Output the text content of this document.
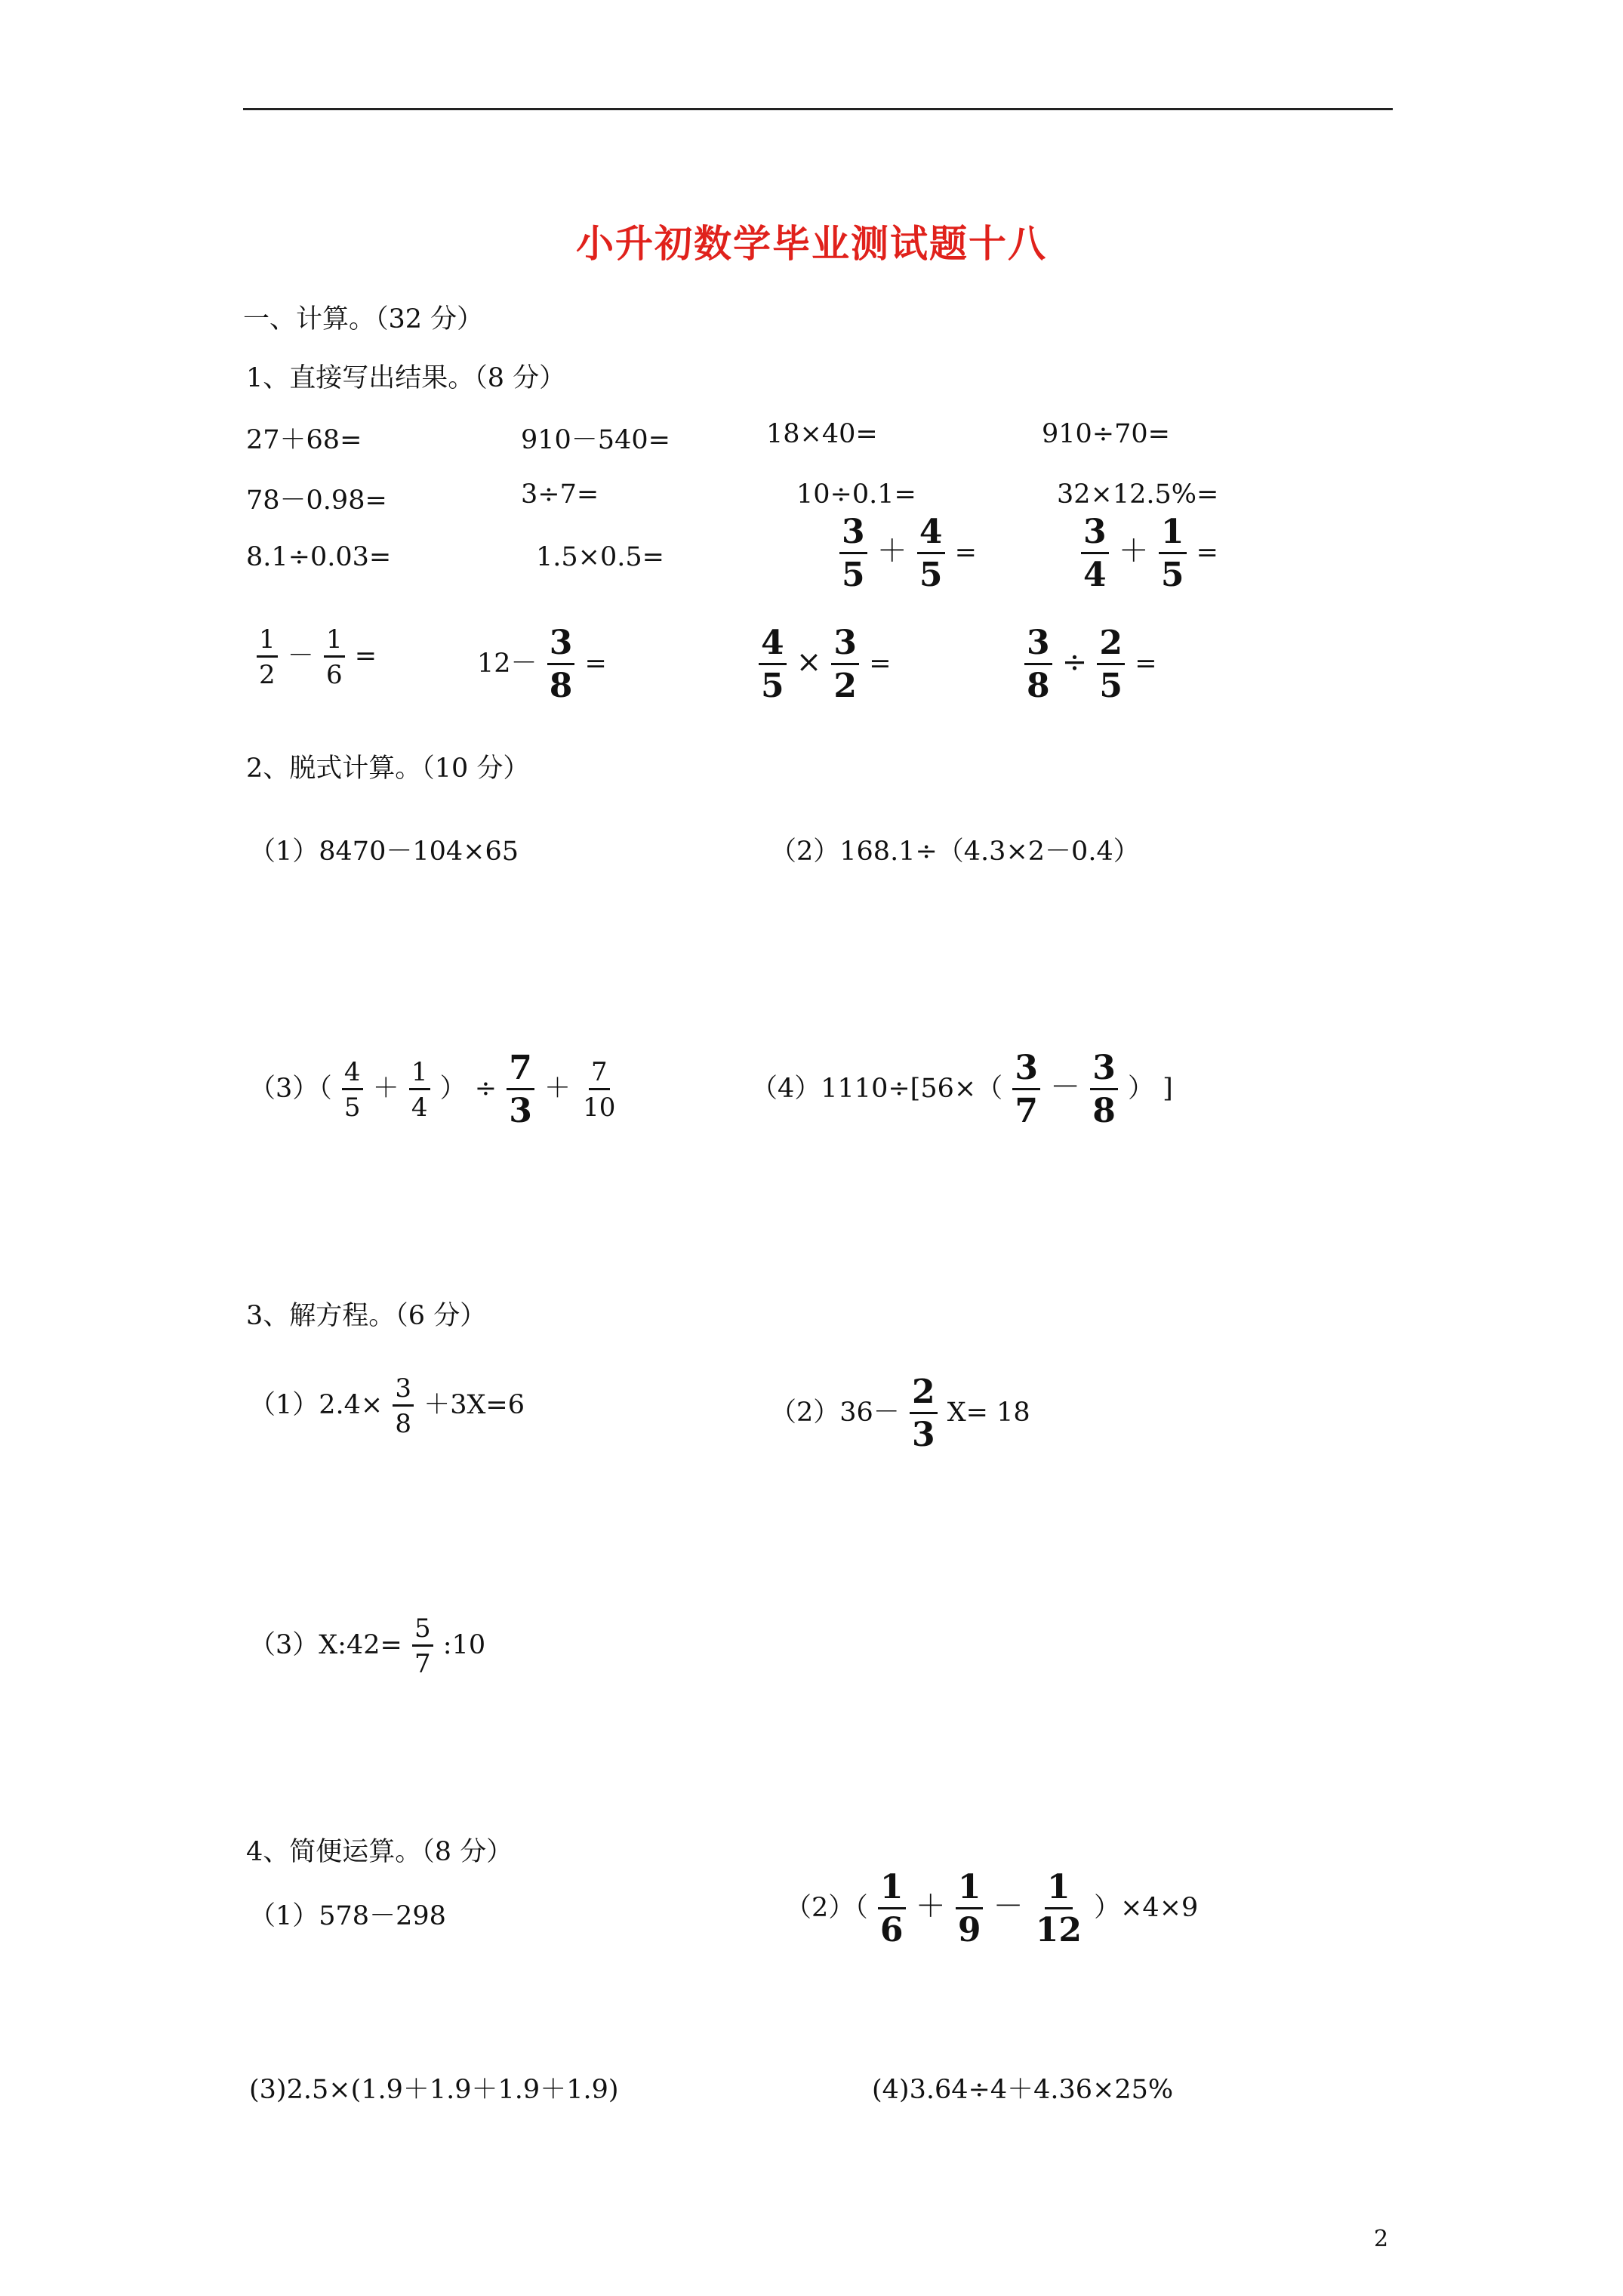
小升初数学毕业测试题十八
一、计算。（32 分）
1、直接写出结果。（8 分）
27＋68=	910－540=	18×40=	910÷70=
78－0.98=	3÷7=	10÷0.1=	32×12.5%=
8.1÷0.03=	1.5×0.5=	$\frac{3}{5} + \frac{4}{5}$ =	$\frac{3}{4} + \frac{1}{5}$ =
$\frac{1}{2} - \frac{1}{6}$ =	$12- \frac{3}{8}$ =	$\frac{4}{5} \times \frac{3}{2}$ =	$\frac{3}{8} \div \frac{2}{5}$ =
2、脱式计算。（10 分）
（1）8470－104×65	（2）168.1÷（4.3×2－0.4）
$(3)( \frac{4}{5} + \frac{1}{4}$ ） ÷ $\frac{7}{3} + \frac{7}{10}$	$(4)1110\div[56\times( \frac{3}{7} - \frac{3}{8}$ ） ]
3、解方程。（6 分）
$(1)2.4\times \frac{3}{8} +3X=6$	$(2)36- \frac{2}{3} X= 18$
（3）X:42= $\frac{5}{7}$ :10
4、简便运算。（8 分）
（1）578－298	$(2)( \frac{1}{6} + \frac{1}{9} - \frac{1}{12} )\times 4\times 9$
(3)2.5×(1.9＋1.9＋1.9＋1.9)	(4)3.64÷4＋4.36×25%
2
